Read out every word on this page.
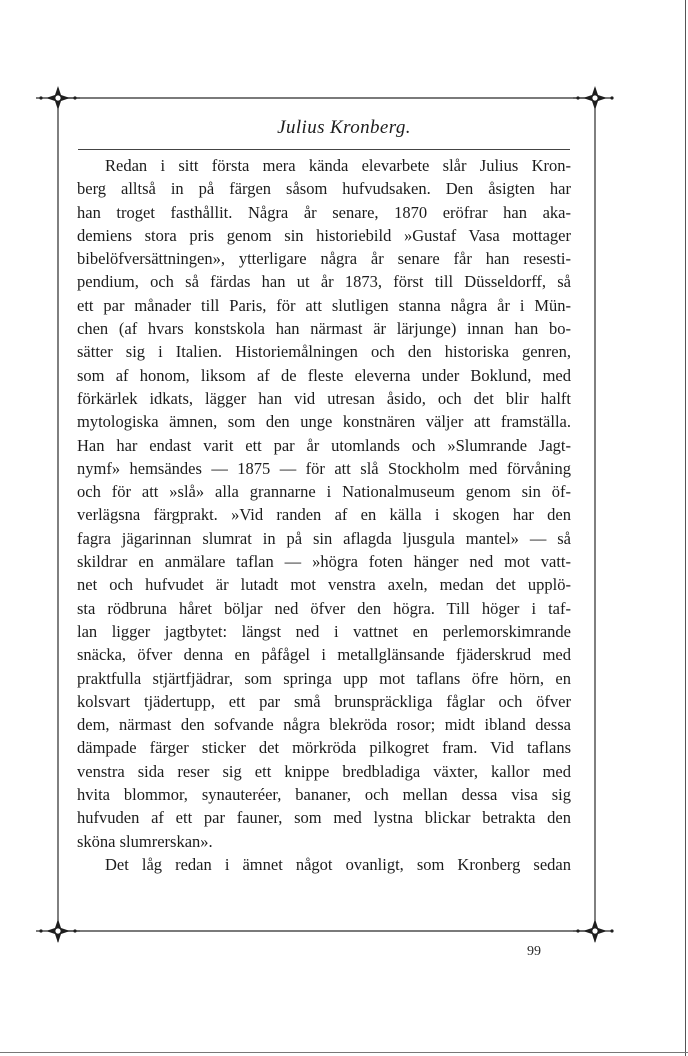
Julius Kronberg.
Redan i sitt första mera kända elevarbete slår Julius Kron-
berg alltså in på färgen såsom hufvudsaken. Den åsigten har
han troget fasthållit. Några år senare, 1870 eröfrar han aka-
demiens stora pris genom sin historiebild »Gustaf Vasa mottager
bibelöfversättningen», ytterligare några år senare får han resesti-
pendium, och så färdas han ut år 1873, först till Düsseldorff, så
ett par månader till Paris, för att slutligen stanna några år i Mün-
chen (af hvars konstskola han närmast är lärjunge) innan han bo-
sätter sig i Italien. Historiemålningen och den historiska genren,
som af honom, liksom af de fleste eleverna under Boklund, med
förkärlek idkats, lägger han vid utresan åsido, och det blir halft
mytologiska ämnen, som den unge konstnären väljer att framställa.
Han har endast varit ett par år utomlands och »Slumrande Jagt-
nymf» hemsändes — 1875 — för att slå Stockholm med förvåning
och för att »slå» alla grannarne i Nationalmuseum genom sin öf-
verlägsna färgprakt. »Vid randen af en källa i skogen har den
fagra jägarinnan slumrat in på sin aflagda ljusgula mantel» — så
skildrar en anmälare taflan — »högra foten hänger ned mot vatt-
net och hufvudet är lutadt mot venstra axeln, medan det upplö-
sta rödbruna håret böljar ned öfver den högra. Till höger i taf-
lan ligger jagtbytet: längst ned i vattnet en perlemorskimrande
snäcka, öfver denna en påfågel i metallglänsande fjäderskrud med
praktfulla stjärtfjädrar, som springa upp mot taflans öfre hörn, en
kolsvart tjädertupp, ett par små brunspräckliga fåglar och öfver
dem, närmast den sofvande några blekröda rosor; midt ibland dessa
dämpade färger sticker det mörkröda pilkogret fram. Vid taflans
venstra sida reser sig ett knippe bredbladiga växter, kallor med
hvita blommor, synauteréer, bananer, och mellan dessa visa sig
hufvuden af ett par fauner, som med lystna blickar betrakta den
sköna slumrerskan».
Det låg redan i ämnet något ovanligt, som Kronberg sedan
99
